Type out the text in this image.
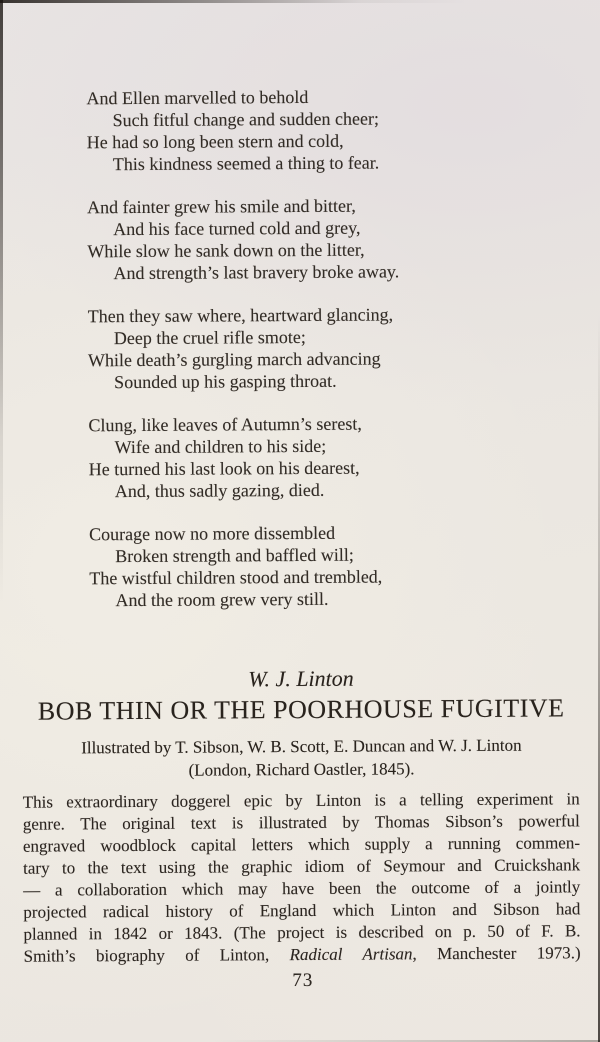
And Ellen marvelled to behold
Such fitful change and sudden cheer;
He had so long been stern and cold,
This kindness seemed a thing to fear.
And fainter grew his smile and bitter,
And his face turned cold and grey,
While slow he sank down on the litter,
And strength’s last bravery broke away.
Then they saw where, heartward glancing,
Deep the cruel rifle smote;
While death’s gurgling march advancing
Sounded up his gasping throat.
Clung, like leaves of Autumn’s serest,
Wife and children to his side;
He turned his last look on his dearest,
And, thus sadly gazing, died.
Courage now no more dissembled
Broken strength and baffled will;
The wistful children stood and trembled,
And the room grew very still.
W. J. Linton
BOB THIN OR THE POORHOUSE FUGITIVE
Illustrated by T. Sibson, W. B. Scott, E. Duncan and W. J. Linton
(London, Richard Oastler, 1845).
This extraordinary doggerel epic by Linton is a telling experiment in
genre. The original text is illustrated by Thomas Sibson’s powerful
engraved woodblock capital letters which supply a running commen-
tary to the text using the graphic idiom of Seymour and Cruickshank
— a collaboration which may have been the outcome of a jointly
projected radical history of England which Linton and Sibson had
planned in 1842 or 1843. (The project is described on p. 50 of F. B.
Smith’s biography of Linton, Radical Artisan, Manchester 1973.)
73
